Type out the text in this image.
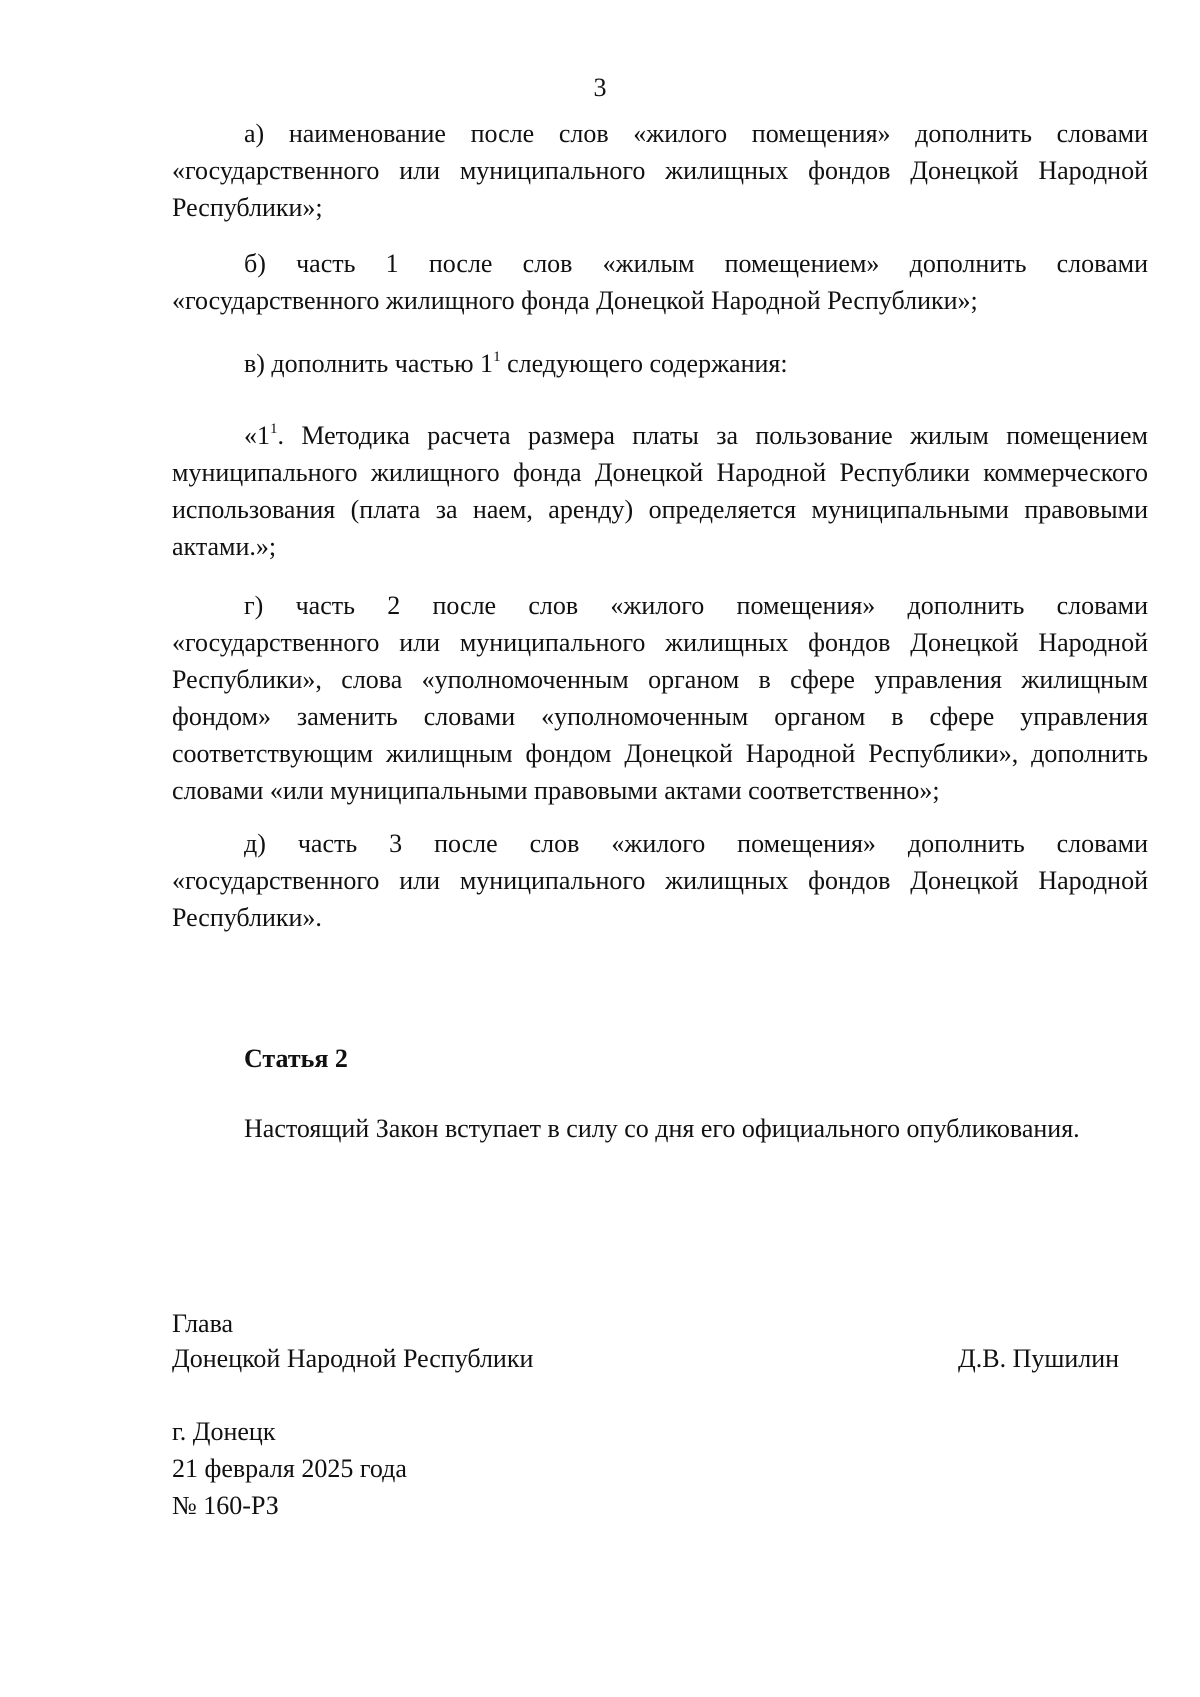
3

а) наименование после слов «жилого помещения» дополнить словами «государственного или муниципального жилищных фондов Донецкой Народной Республики»;

б) часть 1 после слов «жилым помещением» дополнить словами «государственного жилищного фонда Донецкой Народной Республики»;

в) дополнить частью $1^1$ следующего содержания:

«$1^1$. Методика расчета размера платы за пользование жилым помещением муниципального жилищного фонда Донецкой Народной Республики коммерческого использования (плата за наем, аренду) определяется муниципальными правовыми актами.»;

г) часть 2 после слов «жилого помещения» дополнить словами «государственного или муниципального жилищных фондов Донецкой Народной Республики», слова «уполномоченным органом в сфере управления жилищным фондом» заменить словами «уполномоченным органом в сфере управления соответствующим жилищным фондом Донецкой Народной Республики», дополнить словами «или муниципальными правовыми актами соответственно»;

д) часть 3 после слов «жилого помещения» дополнить словами «государственного или муниципального жилищных фондов Донецкой Народной Республики».

Статья 2

Настоящий Закон вступает в силу со дня его официального опубликования.

Глава
Донецкой Народной Республики	Д.В. Пушилин
г. Донецк
21 февраля 2025 года
№ 160-РЗ
